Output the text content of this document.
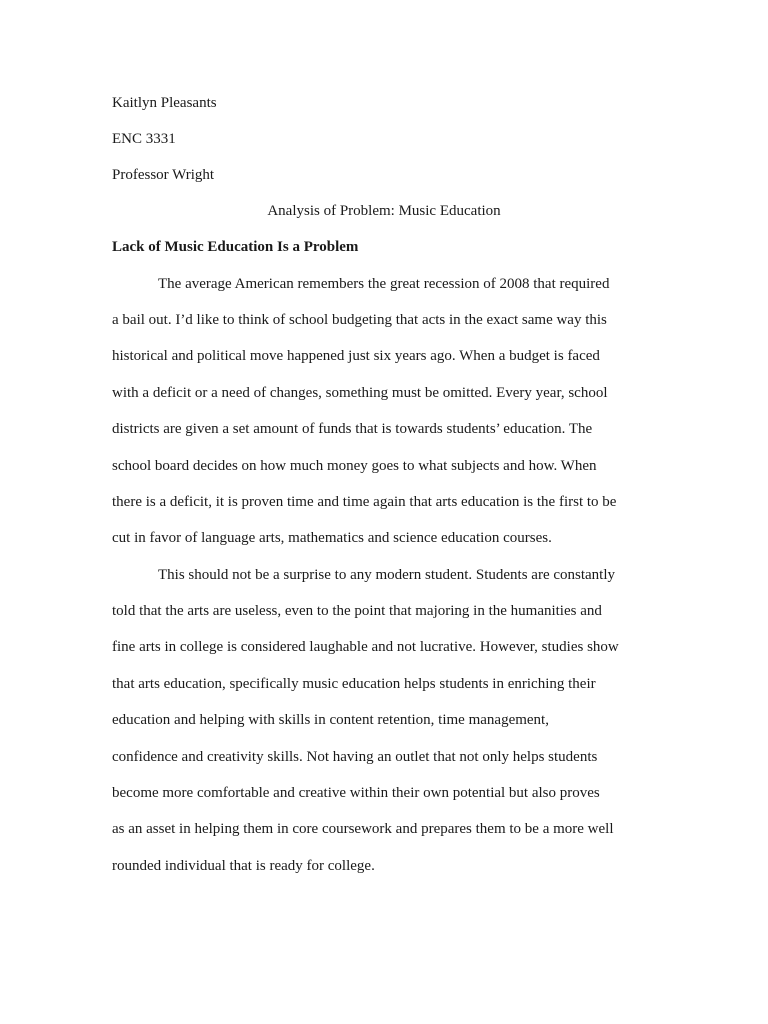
Kaitlyn Pleasants
ENC 3331
Professor Wright
Analysis of Problem: Music Education
Lack of Music Education Is a Problem
The average American remembers the great recession of 2008 that required
a bail out. I’d like to think of school budgeting that acts in the exact same way this
historical and political move happened just six years ago. When a budget is faced
with a deficit or a need of changes, something must be omitted. Every year, school
districts are given a set amount of funds that is towards students’ education. The
school board decides on how much money goes to what subjects and how. When
there is a deficit, it is proven time and time again that arts education is the first to be
cut in favor of language arts, mathematics and science education courses.
This should not be a surprise to any modern student. Students are constantly
told that the arts are useless, even to the point that majoring in the humanities and
fine arts in college is considered laughable and not lucrative. However, studies show
that arts education, specifically music education helps students in enriching their
education and helping with skills in content retention, time management,
confidence and creativity skills. Not having an outlet that not only helps students
become more comfortable and creative within their own potential but also proves
as an asset in helping them in core coursework and prepares them to be a more well
rounded individual that is ready for college.
